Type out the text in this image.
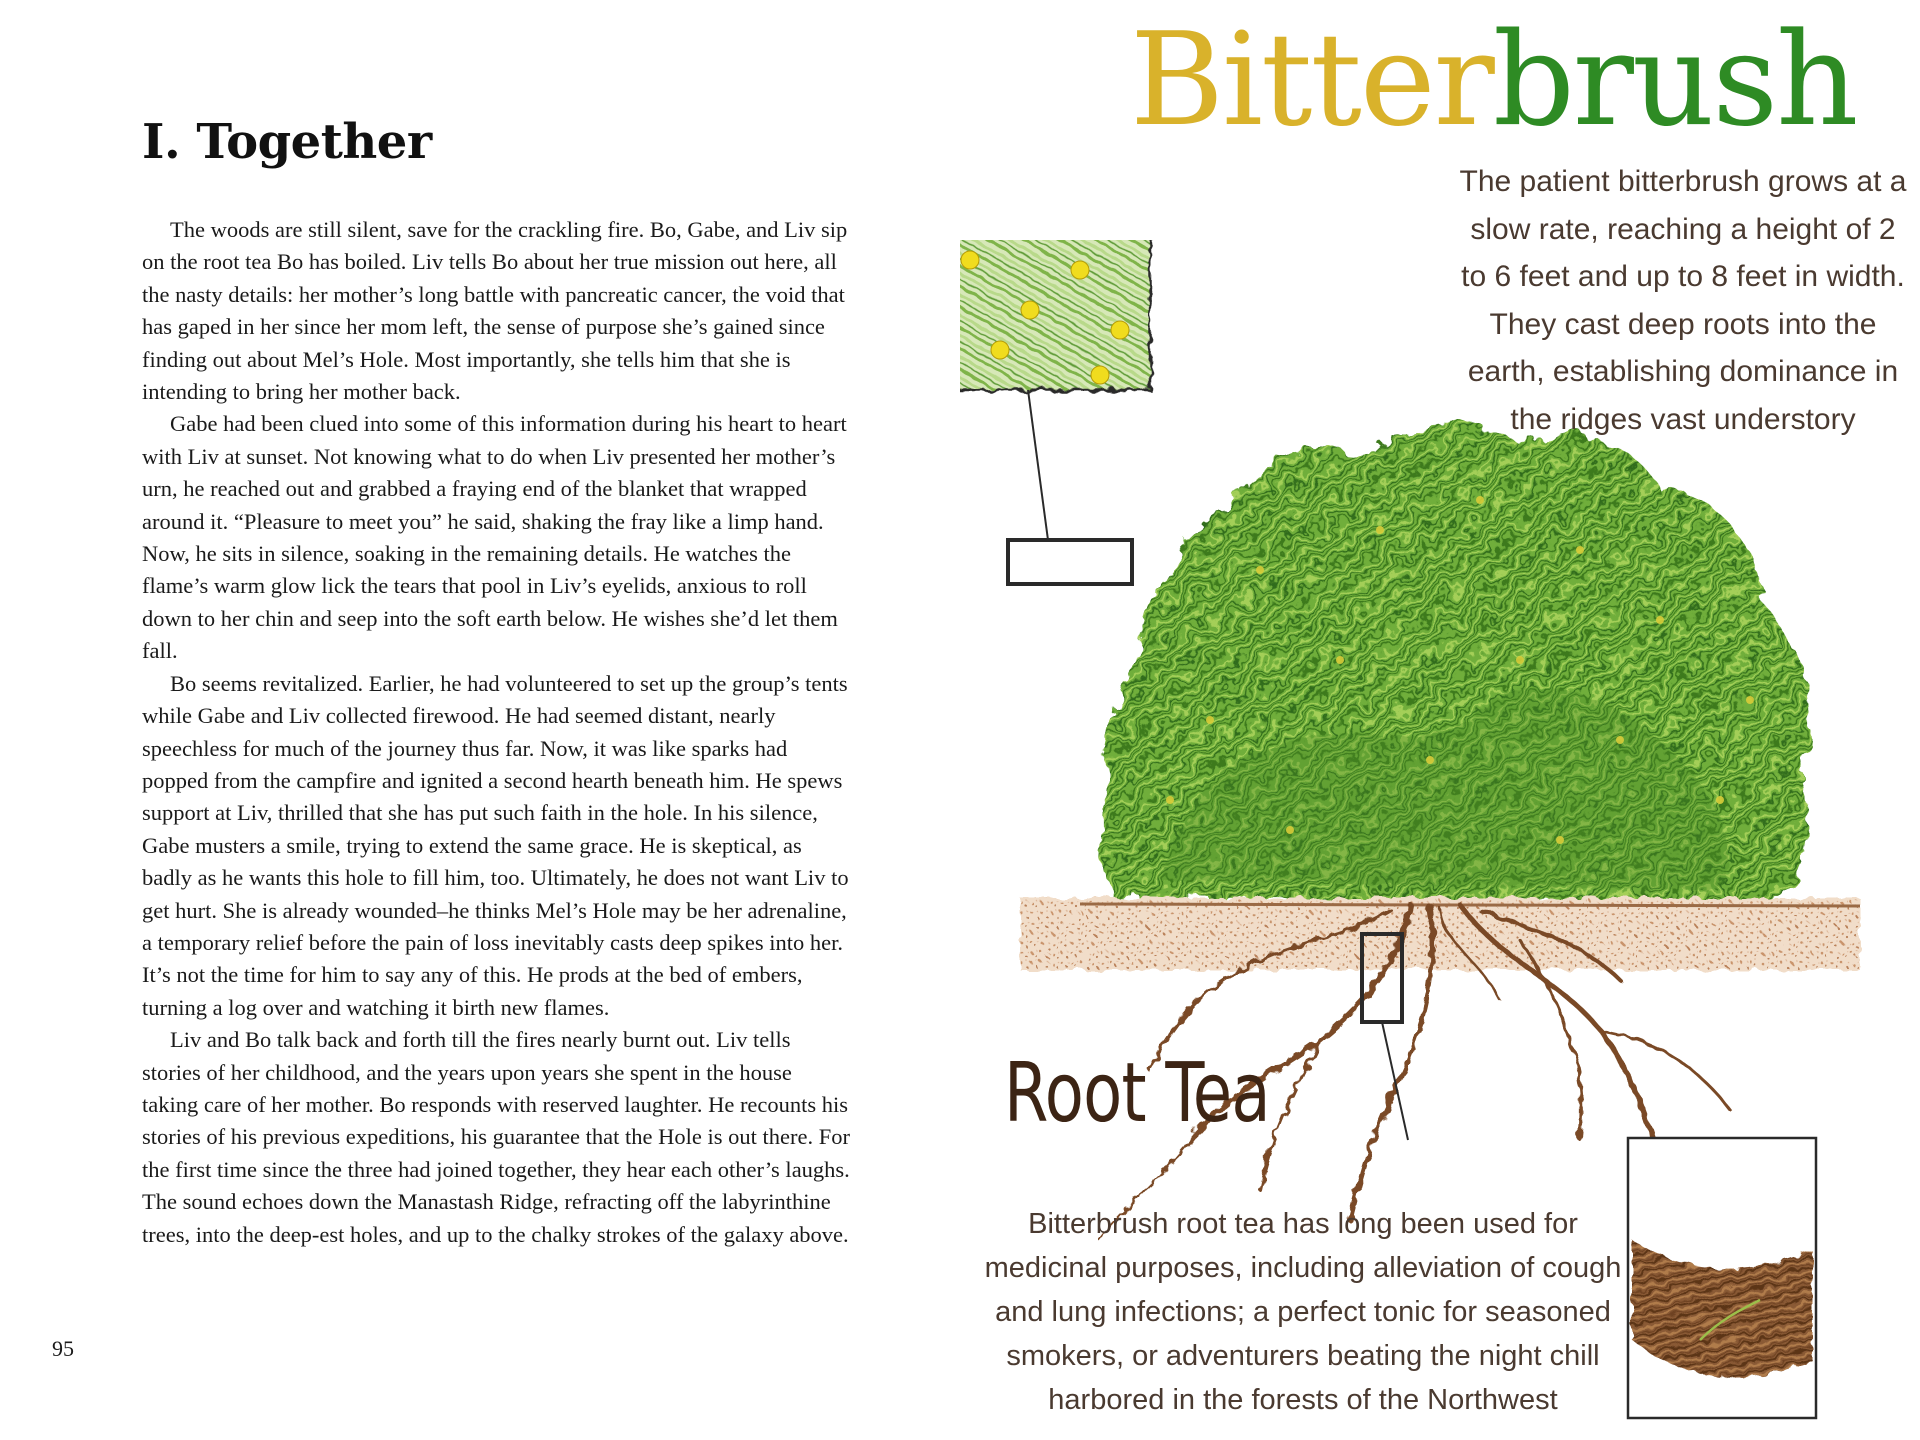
I. Together

The woods are still silent, save for the crackling fire. Bo, Gabe, and Liv sip on the root tea Bo has boiled. Liv tells Bo about her true mission out here, all the nasty details: her mother’s long battle with pancreatic cancer, the void that has gaped in her since her mom left, the sense of purpose she’s gained since finding out about Mel’s Hole. Most importantly, she tells him that she is intending to bring her mother back.

Gabe had been clued into some of this information during his heart to heart with Liv at sunset. Not knowing what to do when Liv presented her mother’s urn, he reached out and grabbed a fraying end of the blanket that wrapped around it. “Pleasure to meet you” he said, shaking the fray like a limp hand. Now, he sits in silence, soaking in the remaining details. He watches the flame’s warm glow lick the tears that pool in Liv’s eyelids, anxious to roll down to her chin and seep into the soft earth below. He wishes she’d let them fall.

Bo seems revitalized. Earlier, he had volunteered to set up the group’s tents while Gabe and Liv collected firewood. He had seemed distant, nearly speechless for much of the journey thus far. Now, it was like sparks had popped from the campfire and ignited a second hearth beneath him. He spews support at Liv, thrilled that she has put such faith in the hole. In his silence, Gabe musters a smile, trying to extend the same grace. He is skeptical, as badly as he wants this hole to fill him, too. Ultimately, he does not want Liv to get hurt. She is already wounded–he thinks Mel’s Hole may be her adrenaline, a temporary relief before the pain of loss inevitably casts deep spikes into her. It’s not the time for him to say any of this. He prods at the bed of embers, turning a log over and watching it birth new flames.

Liv and Bo talk back and forth till the fires nearly burnt out. Liv tells stories of her childhood, and the years upon years she spent in the house taking care of her mother. Bo responds with reserved laughter. He recounts his stories of his previous expeditions, his guarantee that the Hole is out there. For the first time since the three had joined together, they hear each other’s laughs. The sound echoes down the Manastash Ridge, refracting off the labyrinthine trees, into the deep-est holes, and up to the chalky strokes of the galaxy above.

95
Bitterbrush
The patient bitterbrush grows at a slow rate, reaching a height of 2 to 6 feet and up to 8 feet in width. They cast deep roots into the earth, establishing dominance in the ridges vast understory
Root Tea
Bitterbrush root tea has long been used for medicinal purposes, including alleviation of cough and lung infections; a perfect tonic for seasoned smokers, or adventurers beating the night chill harbored in the forests of the Northwest
